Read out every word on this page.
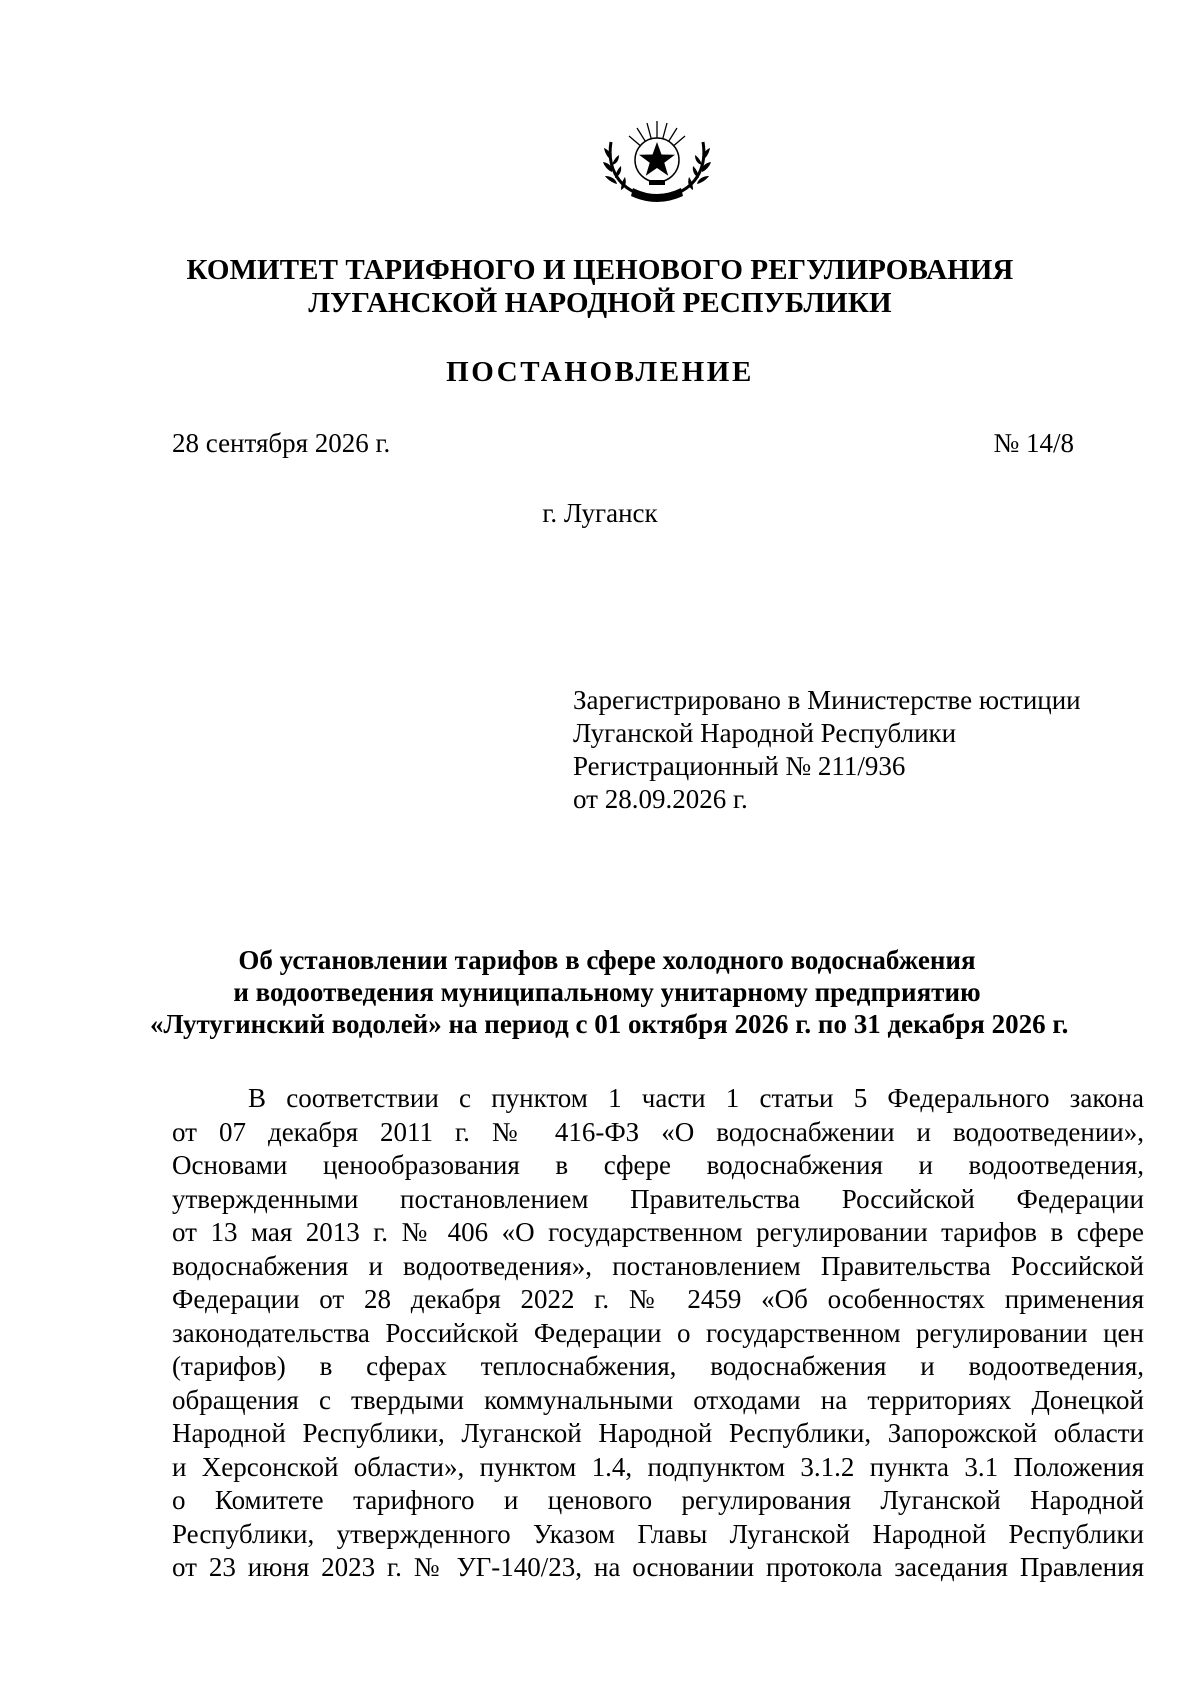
КОМИТЕТ ТАРИФНОГО И ЦЕНОВОГО РЕГУЛИРОВАНИЯ
ЛУГАНСКОЙ НАРОДНОЙ РЕСПУБЛИКИ
ПОСТАНОВЛЕНИЕ
28 сентября 2026 г.	№ 14/8
г. Луганск
Зарегистрировано в Министерстве юстиции
Луганской Народной Республики
Регистрационный № 211/936
от 28.09.2026 г.
Об установлении тарифов в сфере холодного водоснабжения
и водоотведения муниципальному унитарному предприятию
«Лутугинский водолей» на период с 01 октября 2026 г. по 31 декабря 2026 г.
В соответствии с пунктом 1 части 1 статьи 5 Федерального закона
от 07 декабря 2011 г. № 416-ФЗ «О водоснабжении и водоотведении»,
Основами ценообразования в сфере водоснабжения и водоотведения,
утвержденными постановлением Правительства Российской Федерации
от 13 мая 2013 г. № 406 «О государственном регулировании тарифов в сфере
водоснабжения и водоотведения», постановлением Правительства Российской
Федерации от 28 декабря 2022 г. № 2459 «Об особенностях применения
законодательства Российской Федерации о государственном регулировании цен
(тарифов) в сферах теплоснабжения, водоснабжения и водоотведения,
обращения с твердыми коммунальными отходами на территориях Донецкой
Народной Республики, Луганской Народной Республики, Запорожской области
и Херсонской области», пунктом 1.4, подпунктом 3.1.2 пункта 3.1 Положения
о Комитете тарифного и ценового регулирования Луганской Народной
Республики, утвержденного Указом Главы Луганской Народной Республики
от 23 июня 2023 г. № УГ-140/23, на основании протокола заседания Правления
